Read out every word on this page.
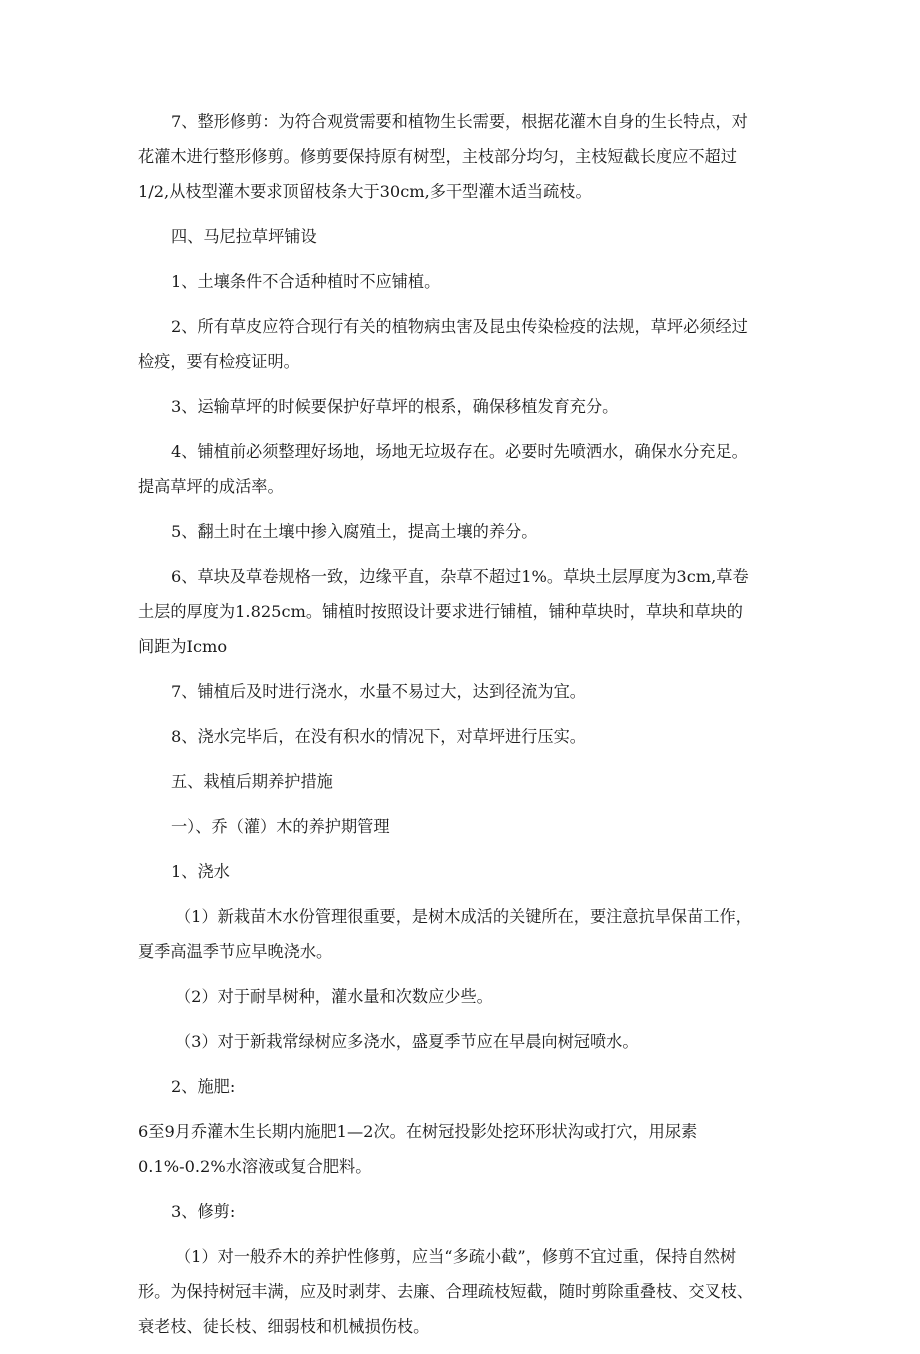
7、整形修剪：为符合观赏需要和植物生长需要，根据花灌木自身的生长特点，对
花灌木进行整形修剪。修剪要保持原有树型，主枝部分均匀，主枝短截长度应不超过
1/2,从枝型灌木要求顶留枝条大于30cm,多干型灌木适当疏枝。

四、马尼拉草坪铺设

1、土壤条件不合适种植时不应铺植。

2、所有草皮应符合现行有关的植物病虫害及昆虫传染检疫的法规，草坪必须经过
检疫，要有检疫证明。

3、运输草坪的时候要保护好草坪的根系，确保移植发育充分。

4、铺植前必须整理好场地，场地无垃圾存在。必要时先喷洒水，确保水分充足。
提高草坪的成活率。

5、翻土时在土壤中掺入腐殖土，提高土壤的养分。

6、草块及草卷规格一致，边缘平直，杂草不超过1%。草块土层厚度为3cm,草卷
土层的厚度为1.825cm。铺植时按照设计要求进行铺植，铺种草块时，草块和草块的
间距为Icmo

7、铺植后及时进行浇水，水量不易过大，达到径流为宜。

8、浇水完毕后，在没有积水的情况下，对草坪进行压实。

五、栽植后期养护措施

一）、乔（灌）木的养护期管理

1、浇水

（1）新栽苗木水份管理很重要，是树木成活的关键所在，要注意抗旱保苗工作，
夏季高温季节应早晚浇水。

（2）对于耐旱树种，灌水量和次数应少些。

（3）对于新栽常绿树应多浇水，盛夏季节应在早晨向树冠喷水。

2、施肥:

6至9月乔灌木生长期内施肥1—2次。在树冠投影处挖环形状沟或打穴，用尿素
0.1%-0.2%水溶液或复合肥料。

3、修剪:

（1）对一般乔木的养护性修剪，应当“多疏小截”，修剪不宜过重，保持自然树
形。为保持树冠丰满，应及时剥芽、去廉、合理疏枝短截，随时剪除重叠枝、交叉枝、
衰老枝、徒长枝、细弱枝和机械损伤枝。
